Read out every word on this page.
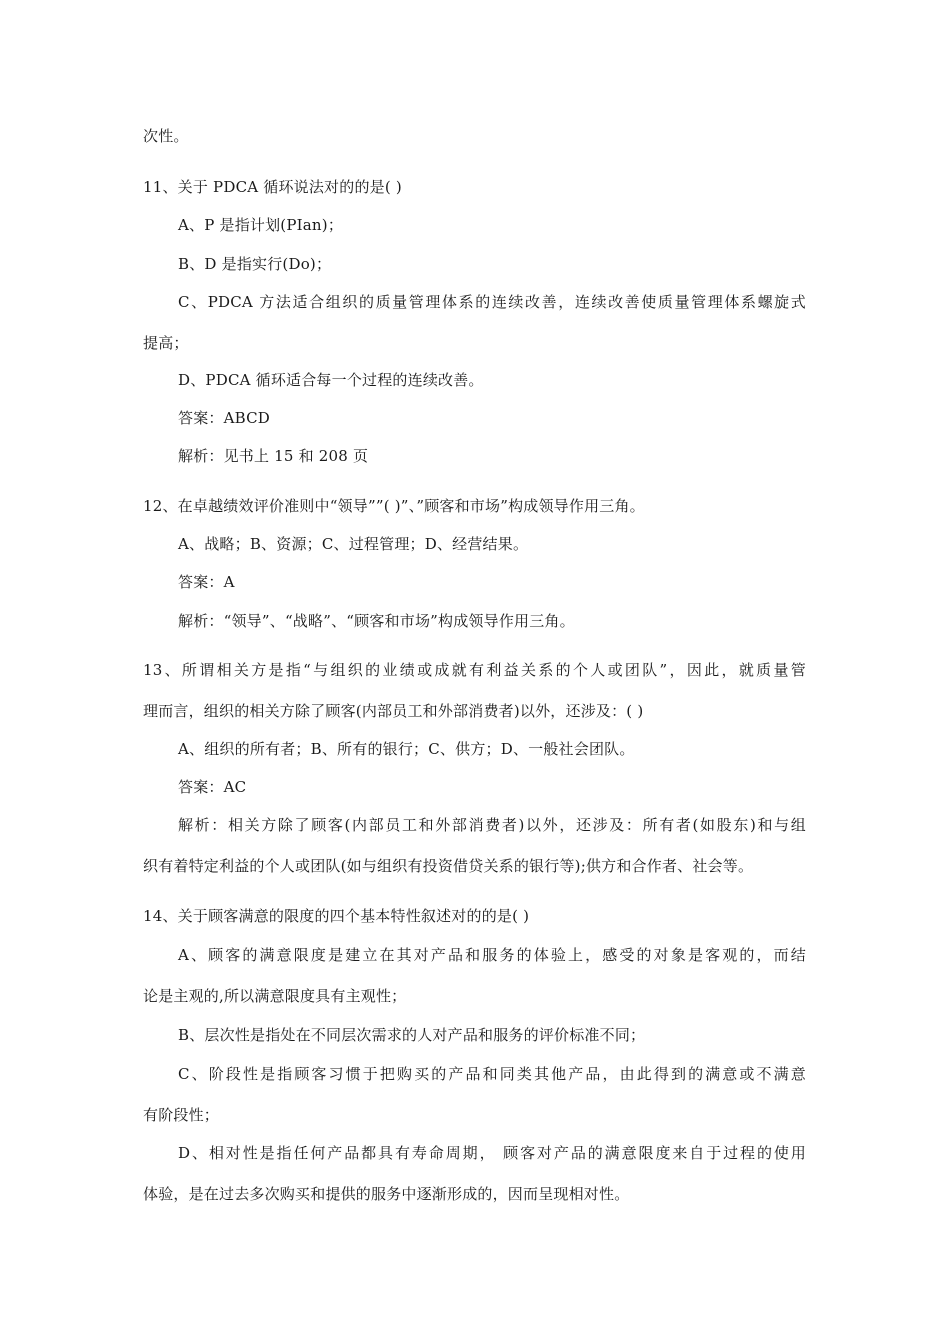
次性。
11、关于 PDCA 循环说法对的的是( )
A、P 是指计划(PIan)；
B、D 是指实行(Do)；
C、PDCA 方法适合组织的质量管理体系的连续改善，连续改善使质量管理体系螺旋式
提高；
D、PDCA 循环适合每一个过程的连续改善。
答案：ABCD
解析：见书上 15 和 208 页
12、在卓越绩效评价准则中“领导””( )”、”顾客和市场”构成领导作用三角。
A、战略；B、资源；C、过程管理；D、经营结果。
答案：A
解析：“领导”、“战略”、“顾客和市场”构成领导作用三角。
13、所谓相关方是指“与组织的业绩或成就有利益关系的个人或团队”，因此，就质量管
理而言，组织的相关方除了顾客(内部员工和外部消费者)以外，还涉及：( )
A、组织的所有者；B、所有的银行；C、供方；D、一般社会团队。
答案：AC
解析：相关方除了顾客(内部员工和外部消费者)以外，还涉及：所有者(如股东)和与组
织有着特定利益的个人或团队(如与组织有投资借贷关系的银行等);供方和合作者、社会等。
14、关于顾客满意的限度的四个基本特性叙述对的的是( )
A、顾客的满意限度是建立在其对产品和服务的体验上，感受的对象是客观的，而结
论是主观的,所以满意限度具有主观性；
B、层次性是指处在不同层次需求的人对产品和服务的评价标准不同；
C、阶段性是指顾客习惯于把购买的产品和同类其他产品，由此得到的满意或不满意
有阶段性；
D、相对性是指任何产品都具有寿命周期， 顾客对产品的满意限度来自于过程的使用
体验，是在过去多次购买和提供的服务中逐渐形成的，因而呈现相对性。
